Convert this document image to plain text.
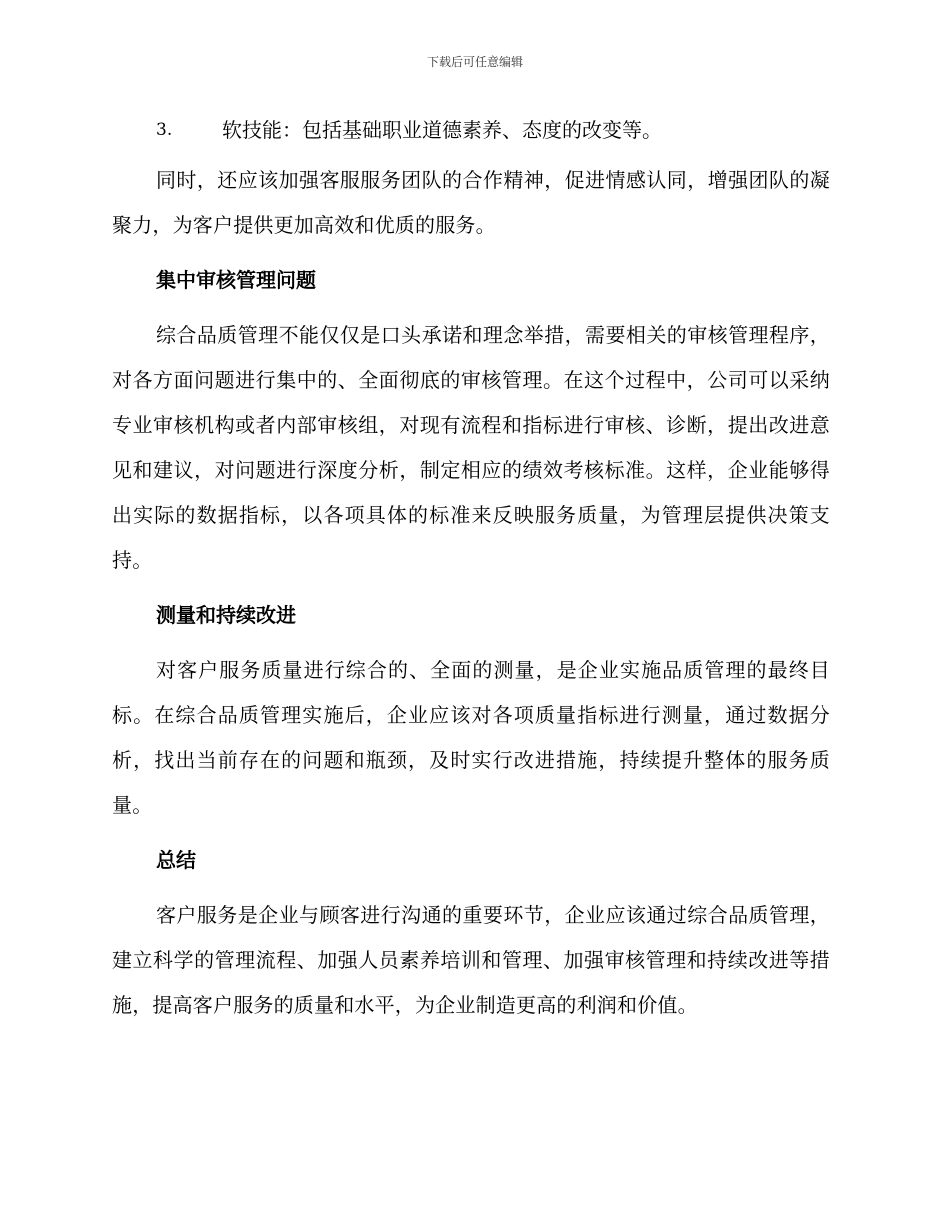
下载后可任意编辑
3. 软技能：包括基础职业道德素养、态度的改变等。

同时，还应该加强客服服务团队的合作精神，促进情感认同，增强团队的凝聚力，为客户提供更加高效和优质的服务。

集中审核管理问题

综合品质管理不能仅仅是口头承诺和理念举措，需要相关的审核管理程序，对各方面问题进行集中的、全面彻底的审核管理。在这个过程中，公司可以采纳专业审核机构或者内部审核组，对现有流程和指标进行审核、诊断，提出改进意见和建议，对问题进行深度分析，制定相应的绩效考核标准。这样，企业能够得出实际的数据指标，以各项具体的标准来反映服务质量，为管理层提供决策支持。

测量和持续改进

对客户服务质量进行综合的、全面的测量，是企业实施品质管理的最终目标。在综合品质管理实施后，企业应该对各项质量指标进行测量，通过数据分析，找出当前存在的问题和瓶颈，及时实行改进措施，持续提升整体的服务质量。

总结

客户服务是企业与顾客进行沟通的重要环节，企业应该通过综合品质管理，建立科学的管理流程、加强人员素养培训和管理、加强审核管理和持续改进等措施，提高客户服务的质量和水平，为企业制造更高的利润和价值。
